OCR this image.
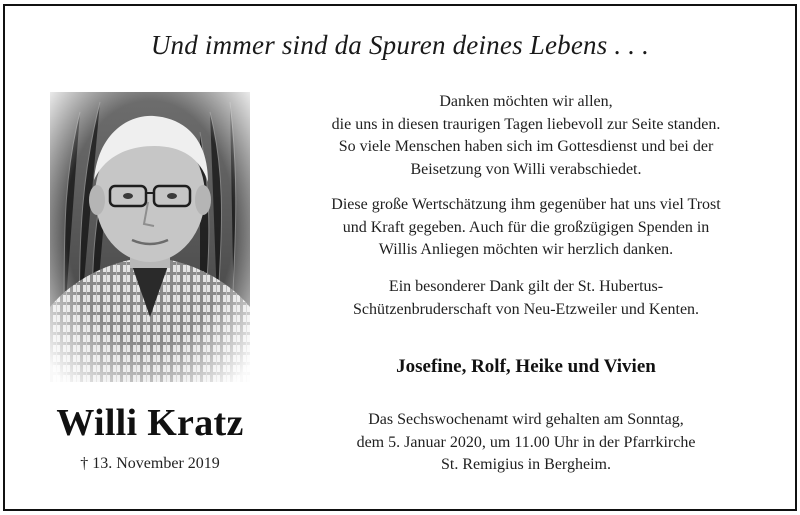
Und immer sind da Spuren deines Lebens . . .
Willi Kratz
† 13. November 2019
Danken möchten wir allen,
die uns in diesen traurigen Tagen liebevoll zur Seite standen.
So viele Menschen haben sich im Gottesdienst und bei der
Beisetzung von Willi verabschiedet.
Diese große Wertschätzung ihm gegenüber hat uns viel Trost
und Kraft gegeben. Auch für die großzügigen Spenden in
Willis Anliegen möchten wir herzlich danken.
Ein besonderer Dank gilt der St. Hubertus-
Schützenbruderschaft von Neu-Etzweiler und Kenten.
Josefine, Rolf, Heike und Vivien
Das Sechswochenamt wird gehalten am Sonntag,
dem 5. Januar 2020, um 11.00 Uhr in der Pfarrkirche
St. Remigius in Bergheim.
